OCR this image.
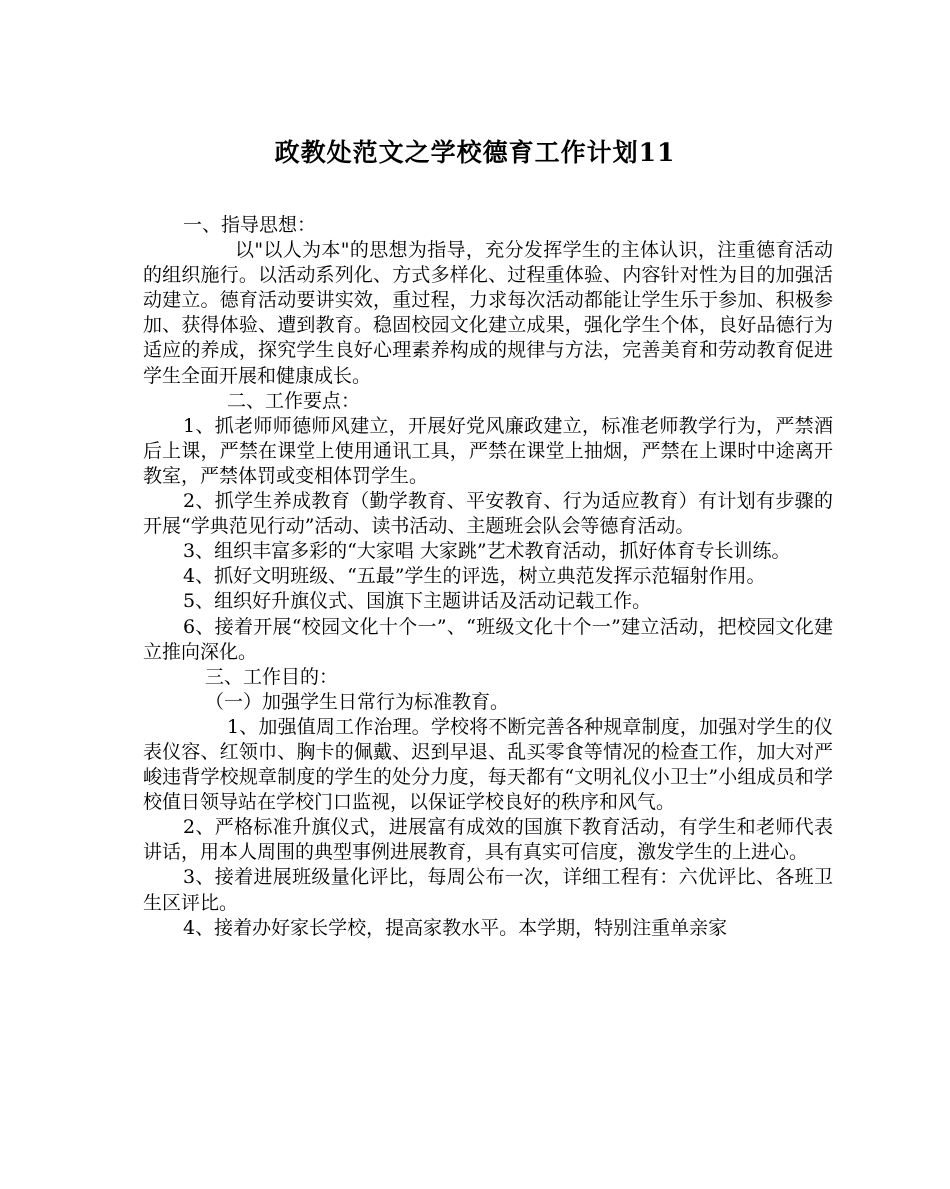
政教处范文之学校德育工作计划11

一、指导思想：

以"以人为本"的思想为指导，充分发挥学生的主体认识，注重德育活动的组织施行。以活动系列化、方式多样化、过程重体验、内容针对性为目的加强活动建立。德育活动要讲实效，重过程，力求每次活动都能让学生乐于参加、积极参加、获得体验、遭到教育。稳固校园文化建立成果，强化学生个体，良好品德行为适应的养成，探究学生良好心理素养构成的规律与方法，完善美育和劳动教育促进学生全面开展和健康成长。

二、工作要点：

1、抓老师师德师风建立，开展好党风廉政建立，标准老师教学行为，严禁酒后上课，严禁在课堂上使用通讯工具，严禁在课堂上抽烟，严禁在上课时中途离开教室，严禁体罚或变相体罚学生。

2、抓学生养成教育（勤学教育、平安教育、行为适应教育）有计划有步骤的开展“学典范见行动”活动、读书活动、主题班会队会等德育活动。

3、组织丰富多彩的“大家唱 大家跳”艺术教育活动，抓好体育专长训练。

4、抓好文明班级、“五最”学生的评选，树立典范发挥示范辐射作用。

5、组织好升旗仪式、国旗下主题讲话及活动记载工作。

6、接着开展“校园文化十个一”、“班级文化十个一”建立活动，把校园文化建立推向深化。

三、工作目的：

（一）加强学生日常行为标准教育。

1、加强值周工作治理。学校将不断完善各种规章制度，加强对学生的仪表仪容、红领巾、胸卡的佩戴、迟到早退、乱买零食等情况的检查工作，加大对严峻违背学校规章制度的学生的处分力度，每天都有“文明礼仪小卫士”小组成员和学校值日领导站在学校门口监视，以保证学校良好的秩序和风气。

2、严格标准升旗仪式，进展富有成效的国旗下教育活动，有学生和老师代表讲话，用本人周围的典型事例进展教育，具有真实可信度，激发学生的上进心。

3、接着进展班级量化评比，每周公布一次，详细工程有：六优评比、各班卫生区评比。

4、接着办好家长学校，提高家教水平。本学期，特别注重单亲家
